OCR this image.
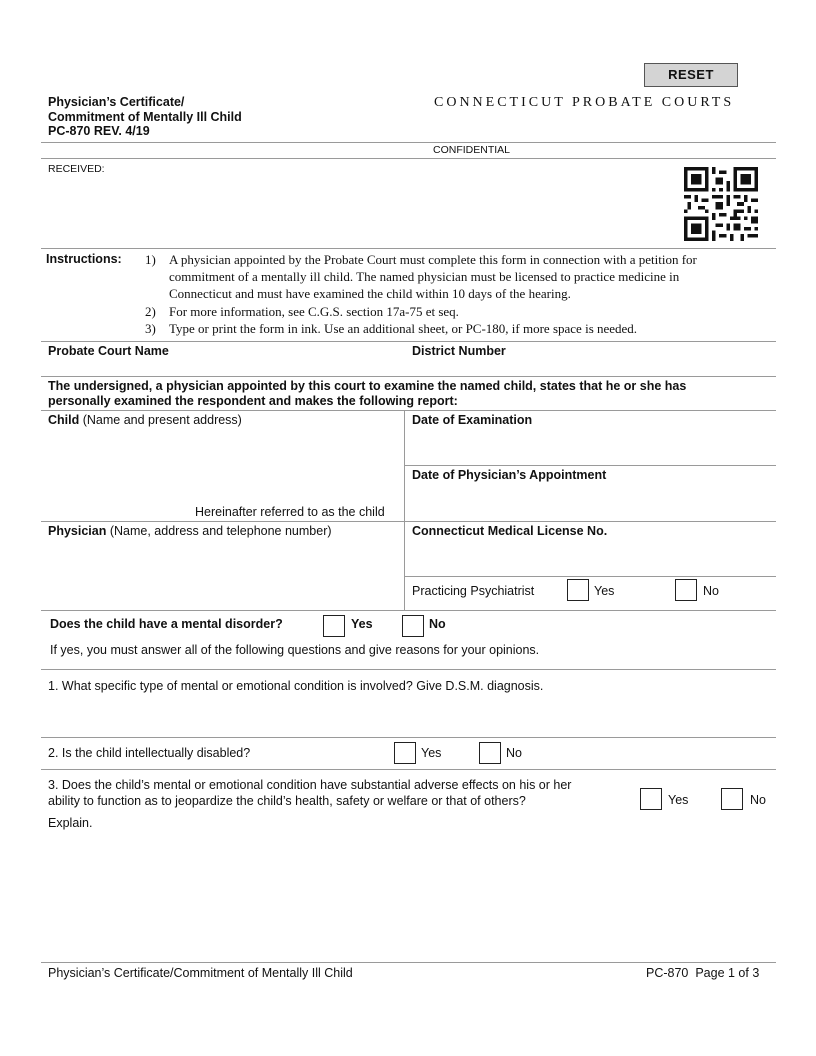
RESET
Physician’s Certificate/
Commitment of Mentally Ill Child
PC-870 REV. 4/19
CONNECTICUT PROBATE COURTS
CONFIDENTIAL
RECEIVED:
Instructions: 1) A physician appointed by the Probate Court must complete this form in connection with a petition for
commitment of a mentally ill child. The named physician must be licensed to practice medicine in
Connecticut and must have examined the child within 10 days of the hearing.
2) For more information, see C.G.S. section 17a-75 et seq.
3) Type or print the form in ink. Use an additional sheet, or PC-180, if more space is needed.
Probate Court Name	District Number
The undersigned, a physician appointed by this court to examine the named child, states that he or she has
personally examined the respondent and makes the following report:
Child (Name and present address)
Hereinafter referred to as the child
Date of Examination
Date of Physician’s Appointment
Physician (Name, address and telephone number)	Connecticut Medical License No.
Practicing Psychiatrist	Yes	No
Does the child have a mental disorder?	Yes	No
If yes, you must answer all of the following questions and give reasons for your opinions.
1. What specific type of mental or emotional condition is involved? Give D.S.M. diagnosis.
2. Is the child intellectually disabled?	Yes	No
3. Does the child’s mental or emotional condition have substantial adverse effects on his or her
ability to function as to jeopardize the child’s health, safety or welfare or that of others?	Yes	No
Explain.
Physician’s Certificate/Commitment of Mentally Ill Child	PC-870  Page 1 of 3
